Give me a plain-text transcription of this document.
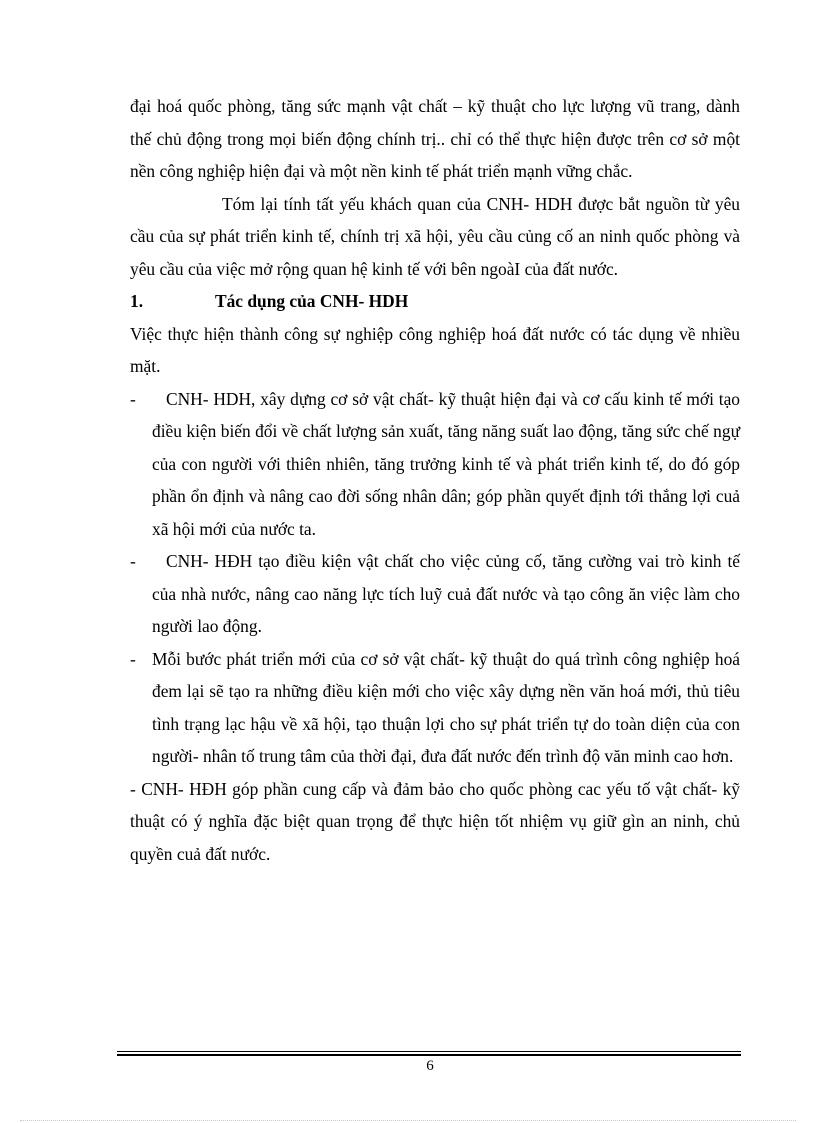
đại hoá quốc phòng, tăng sức mạnh vật chất – kỹ thuật cho lực lượng vũ trang, dành thế chủ động trong mọi biến động chính trị.. chỉ có thể thực hiện được trên cơ sở một nền công nghiệp hiện đại và một nền kinh tế phát triển mạnh vững chắc.

Tóm lại tính tất yếu khách quan của CNH- HDH được bắt nguồn từ yêu cầu của sự phát triển kinh tế, chính trị xã hội, yêu cầu củng cố an ninh quốc phòng và yêu cầu của việc mở rộng quan hệ kinh tế với bên ngoàI của đất nước.

1.	Tác dụng của CNH- HDH

Việc thực hiện thành công sự nghiệp công nghiệp hoá đất nước có tác dụng về nhiều mặt.

- CNH- HDH, xây dựng cơ sở vật chất- kỹ thuật hiện đại và cơ cấu kinh tế mới tạo điều kiện biến đổi về chất lượng sản xuất, tăng năng suất lao động, tăng sức chế ngự của con người với thiên nhiên, tăng trưởng kinh tế và phát triển kinh tế, do đó góp phần ổn định và nâng cao đời sống nhân dân; góp phần quyết định tới thắng lợi cuả xã hội mới của nước ta.

- CNH- HĐH tạo điều kiện vật chất cho việc củng cố, tăng cường vai trò kinh tế của nhà nước, nâng cao năng lực tích luỹ cuả đất nước và tạo công ăn việc làm cho người lao động.

- Mỗi bước phát triển mới của cơ sở vật chất- kỹ thuật do quá trình công nghiệp hoá đem lại sẽ tạo ra những điều kiện mới cho việc xây dựng nền văn hoá mới, thủ tiêu tình trạng lạc hậu về xã hội, tạo thuận lợi cho sự phát triển tự do toàn diện của con người- nhân tố trung tâm của thời đại, đưa đất nước đến trình độ văn minh cao hơn.

- CNH- HĐH góp phần cung cấp và đảm bảo cho quốc phòng cac yếu tố vật chất- kỹ thuật có ý nghĩa đặc biệt quan trọng để thực hiện tốt nhiệm vụ giữ gìn an ninh, chủ quyền cuả đất nước.

6
